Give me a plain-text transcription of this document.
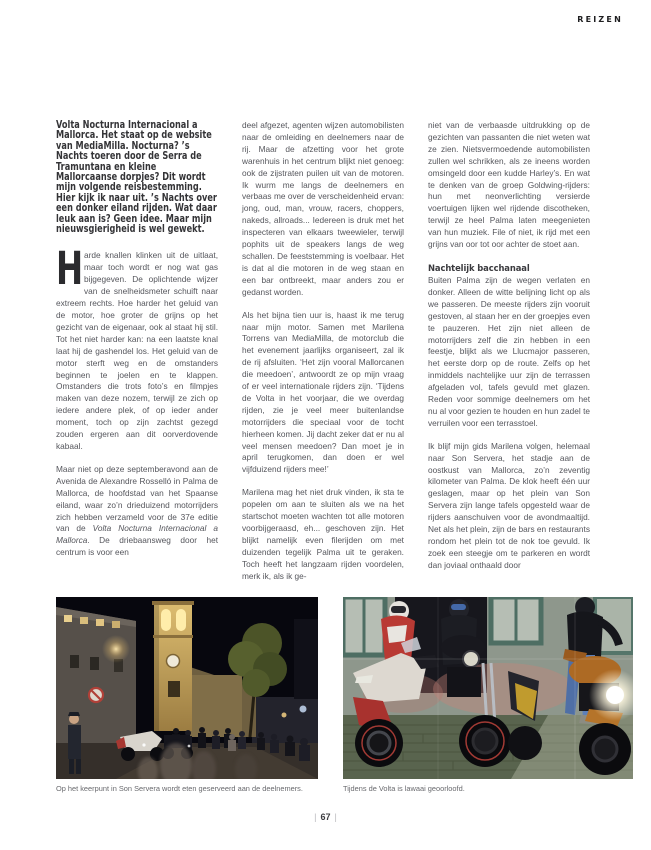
REIZEN

Volta Nocturna Internacional a Mallorca. Het staat op de website van MediaMilla. Nocturna? ’s Nachts toeren door de Serra de Tramuntana en kleine Mallorcaanse dorpjes? Dit wordt mijn volgende reisbestemming. Hier kijk ik naar uit. ’s Nachts over een donker eiland rijden. Wat daar leuk aan is? Geen idee. Maar mijn nieuwsgierigheid is wel gewekt.

Harde knallen klinken uit de uitlaat, maar toch wordt er nog wat gas bijgegeven. De oplichtende wijzer van de snelheidsmeter schuift naar extreem rechts. Hoe harder het geluid van de motor, hoe groter de grijns op het gezicht van de eigenaar, ook al staat hij stil. Tot het niet harder kan: na een laatste knal laat hij de gashendel los. Het geluid van de motor sterft weg en de omstanders beginnen te joelen en te klappen. Omstanders die trots foto’s en filmpjes maken van deze nozem, terwijl ze zich op iedere andere plek, of op ieder ander moment, toch op zijn zachtst gezegd zouden ergeren aan dit oorverdovende kabaal.

Maar niet op deze septemberavond aan de Avenida de Alexandre Rosselló in Palma de Mallorca, de hoofdstad van het Spaanse eiland, waar zo’n drieduizend motorrijders zich hebben verzameld voor de 37e editie van de Volta Nocturna Internacional a Mallorca. De driebaansweg door het centrum is voor een

deel afgezet, agenten wijzen automobilisten naar de omleiding en deelnemers naar de rij. Maar de afzetting voor het grote warenhuis in het centrum blijkt niet genoeg: ook de zijstraten puilen uit van de motoren. Ik wurm me langs de deelnemers en verbaas me over de verscheidenheid ervan: jong, oud, man, vrouw, racers, choppers, nakeds, allroads... Iedereen is druk met het inspecteren van elkaars tweewieler, terwijl pophits uit de speakers langs de weg schallen. De feeststemming is voelbaar. Het is dat al die motoren in de weg staan en een bar ontbreekt, maar anders zou er gedanst worden.

Als het bijna tien uur is, haast ik me terug naar mijn motor. Samen met Marilena Torrens van MediaMilla, de motorclub die het evenement jaarlijks organiseert, zal ik de rij afsluiten. ‘Het zijn vooral Mallorcanen die meedoen’, antwoordt ze op mijn vraag of er veel internationale rijders zijn. ‘Tijdens de Volta in het voorjaar, die we overdag rijden, zie je veel meer buitenlandse motorrijders die speciaal voor de tocht hierheen komen. Jij dacht zeker dat er nu al veel mensen meedoen? Dan moet je in april terugkomen, dan doen er wel vijfduizend rijders mee!’

Marilena mag het niet druk vinden, ik sta te popelen om aan te sluiten als we na het startschot moeten wachten tot alle motoren voorbijgeraasd, eh... geschoven zijn. Het blijkt namelijk even filerijden om met duizenden tegelijk Palma uit te geraken. Toch heeft het langzaam rijden voordelen, merk ik, als ik ge-

niet van de verbaasde uitdrukking op de gezichten van passanten die niet weten wat ze zien. Nietsvermoedende automobilisten zullen wel schrikken, als ze ineens worden omsingeld door een kudde Harley’s. En wat te denken van de groep Goldwing-rijders: hun met neonverlichting versierde voertuigen lijken wel rijdende discotheken, terwijl ze heel Palma laten meegenieten van hun muziek. File of niet, ik rijd met een grijns van oor tot oor achter de stoet aan.

Nachtelijk bacchanaal

Buiten Palma zijn de wegen verlaten en donker. Alleen de witte belijning licht op als we passeren. De meeste rijders zijn vooruit gestoven, al staan her en der groepjes even te pauzeren. Het zijn niet alleen de motorrijders zelf die zin hebben in een feestje, blijkt als we Llucmajor passeren, het eerste dorp op de route. Zelfs op het inmiddels nachtelijke uur zijn de terrassen afgeladen vol, tafels gevuld met glazen. Reden voor sommige deelnemers om het nu al voor gezien te houden en hun zadel te verruilen voor een terrasstoel.

Ik blijf mijn gids Marilena volgen, helemaal naar Son Servera, het stadje aan de oostkust van Mallorca, zo’n zeventig kilometer van Palma. De klok heeft één uur geslagen, maar op het plein van Son Servera zijn lange tafels opgesteld waar de rijders aanschuiven voor de avondmaaltijd. Net als het plein, zijn de bars en restaurants rondom het plein tot de nok toe gevuld. Ik zoek een steegje om te parkeren en wordt dan joviaal onthaald door

Op het keerpunt in Son Servera wordt eten geserveerd aan de deelnemers.	Tijdens de Volta is lawaai geoorloofd.
| 67 |
